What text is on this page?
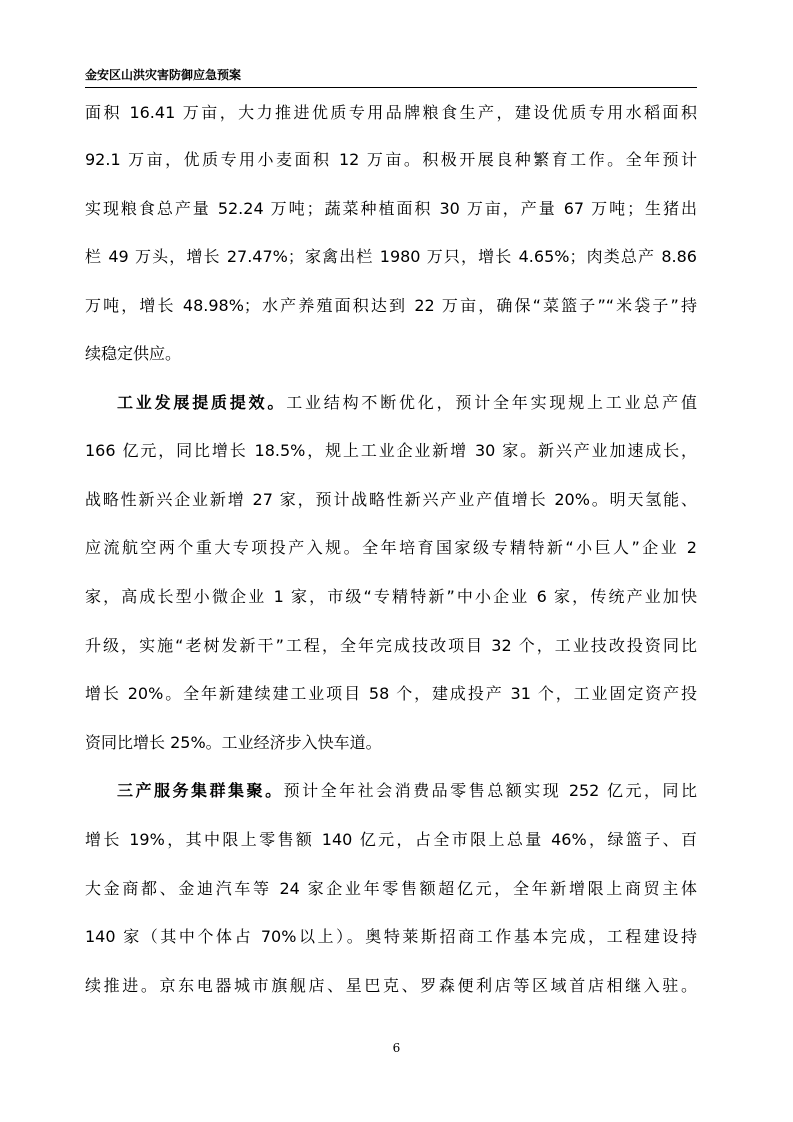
金安区山洪灾害防御应急预案
面积 16.41 万亩，大力推进优质专用品牌粮食生产，建设优质专用水稻面积
92.1 万亩，优质专用小麦面积 12 万亩。积极开展良种繁育工作。全年预计
实现粮食总产量 52.24 万吨；蔬菜种植面积 30 万亩，产量 67 万吨；生猪出
栏 49 万头，增长 27.47%；家禽出栏 1980 万只，增长 4.65%；肉类总产 8.86
万吨，增长 48.98%；水产养殖面积达到 22 万亩，确保“菜篮子”“米袋子”持
续稳定供应。
工业发展提质提效。工业结构不断优化，预计全年实现规上工业总产值
166 亿元，同比增长 18.5%，规上工业企业新增 30 家。新兴产业加速成长，
战略性新兴企业新增 27 家，预计战略性新兴产业产值增长 20%。明天氢能、
应流航空两个重大专项投产入规。全年培育国家级专精特新“小巨人”企业 2
家，高成长型小微企业 1 家，市级“专精特新”中小企业 6 家，传统产业加快
升级，实施“老树发新干”工程，全年完成技改项目 32 个，工业技改投资同比
增长 20%。全年新建续建工业项目 58 个，建成投产 31 个，工业固定资产投
资同比增长 25%。工业经济步入快车道。
三产服务集群集聚。预计全年社会消费品零售总额实现 252 亿元，同比
增长 19%，其中限上零售额 140 亿元，占全市限上总量 46%，绿篮子、百
大金商都、金迪汽车等 24 家企业年零售额超亿元，全年新增限上商贸主体
140 家（其中个体占 70%以上）。奥特莱斯招商工作基本完成，工程建设持
续推进。京东电器城市旗舰店、星巴克、罗森便利店等区域首店相继入驻。
6
